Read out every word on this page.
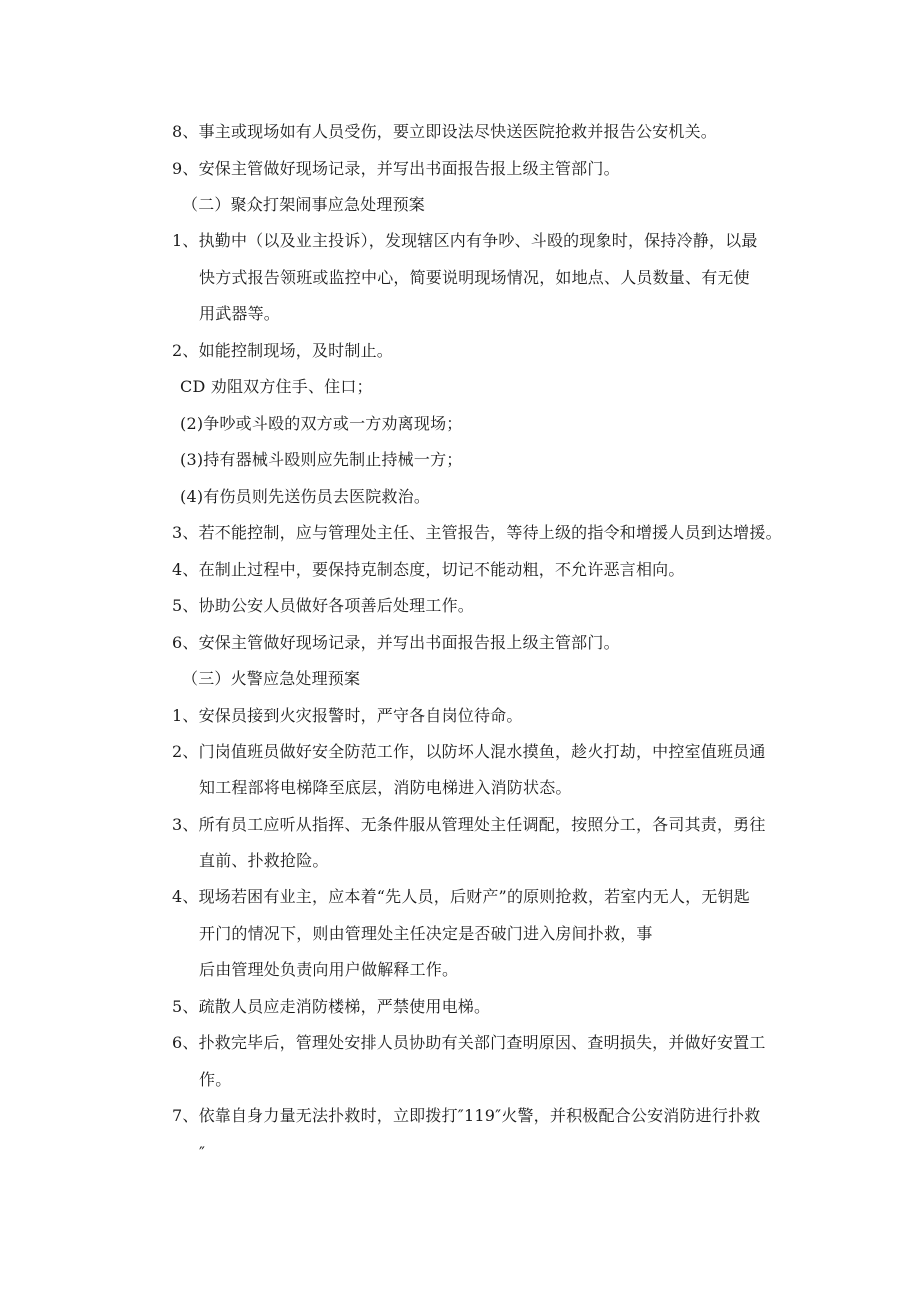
8、事主或现场如有人员受伤，要立即设法尽快送医院抢救并报告公安机关。
9、安保主管做好现场记录，并写出书面报告报上级主管部门。
（二）聚众打架闹事应急处理预案
1、执勤中（以及业主投诉），发现辖区内有争吵、斗殴的现象时，保持冷静，以最
快方式报告领班或监控中心，简要说明现场情况，如地点、人员数量、有无使
用武器等。
2、如能控制现场，及时制止。
CD 劝阻双方住手、住口；
(2)争吵或斗殴的双方或一方劝离现场；
(3)持有器械斗殴则应先制止持械一方；
(4)有伤员则先送伤员去医院救治。
3、若不能控制，应与管理处主任、主管报告，等待上级的指令和增援人员到达增援。
4、在制止过程中，要保持克制态度，切记不能动粗，不允许恶言相向。
5、协助公安人员做好各项善后处理工作。
6、安保主管做好现场记录，并写出书面报告报上级主管部门。
（三）火警应急处理预案
1、安保员接到火灾报警时，严守各自岗位待命。
2、门岗值班员做好安全防范工作，以防坏人混水摸鱼，趁火打劫，中控室值班员通
知工程部将电梯降至底层，消防电梯进入消防状态。
3、所有员工应听从指挥、无条件服从管理处主任调配，按照分工，各司其责，勇往
直前、扑救抢险。
4、现场若困有业主，应本着“先人员，后财产”的原则抢救，若室内无人，无钥匙
开门的情况下，则由管理处主任决定是否破门进入房间扑救，事
后由管理处负责向用户做解释工作。
5、疏散人员应走消防楼梯，严禁使用电梯。
6、扑救完毕后，管理处安排人员协助有关部门查明原因、查明损失，并做好安置工
作。
7、依靠自身力量无法扑救时，立即拨打″119″火警，并积极配合公安消防进行扑救
″
